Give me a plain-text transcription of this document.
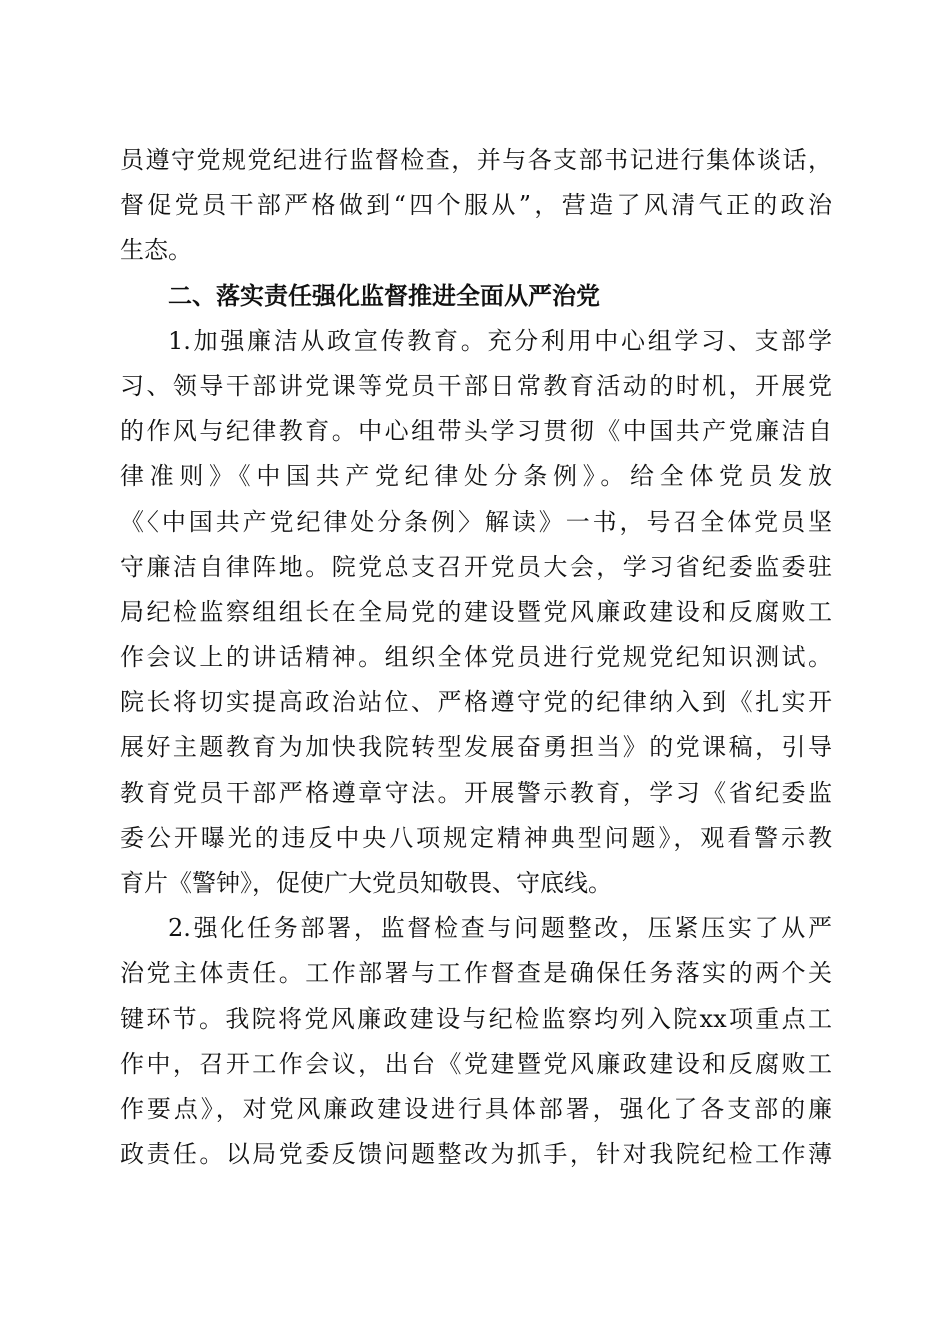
员遵守党规党纪进行监督检查，并与各支部书记进行集体谈话，
督促党员干部严格做到“四个服从”，营造了风清气正的政治
生态。
二、落实责任强化监督推进全面从严治党
1.加强廉洁从政宣传教育。充分利用中心组学习、支部学
习、领导干部讲党课等党员干部日常教育活动的时机，开展党
的作风与纪律教育。中心组带头学习贯彻《中国共产党廉洁自
律准则》《中国共产党纪律处分条例》。给全体党员发放
《〈中国共产党纪律处分条例〉解读》一书，号召全体党员坚
守廉洁自律阵地。院党总支召开党员大会，学习省纪委监委驻
局纪检监察组组长在全局党的建设暨党风廉政建设和反腐败工
作会议上的讲话精神。组织全体党员进行党规党纪知识测试。
院长将切实提高政治站位、严格遵守党的纪律纳入到《扎实开
展好主题教育为加快我院转型发展奋勇担当》的党课稿，引导
教育党员干部严格遵章守法。开展警示教育，学习《省纪委监
委公开曝光的违反中央八项规定精神典型问题》，观看警示教
育片《警钟》，促使广大党员知敬畏、守底线。
2.强化任务部署，监督检查与问题整改，压紧压实了从严
治党主体责任。工作部署与工作督查是确保任务落实的两个关
键环节。我院将党风廉政建设与纪检监察均列入院xx项重点工
作中，召开工作会议，出台《党建暨党风廉政建设和反腐败工
作要点》，对党风廉政建设进行具体部署，强化了各支部的廉
政责任。以局党委反馈问题整改为抓手，针对我院纪检工作薄
